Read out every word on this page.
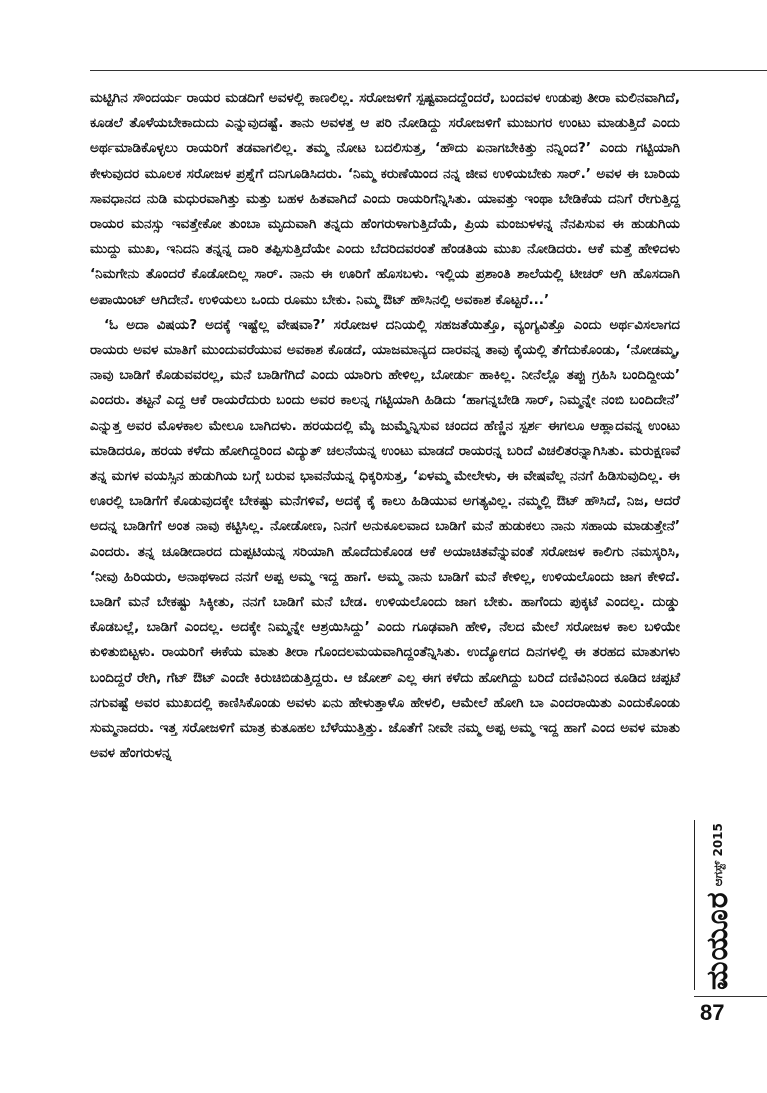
ಮಟ್ಟಿಗಿನ ಸೌಂದರ್ಯ ರಾಯರ ಮಡದಿಗೆ ಅವಳಲ್ಲಿ ಕಾಣಲಿಲ್ಲ. ಸರೋಜಳಿಗೆ ಸ್ಪಷ್ಟವಾದದ್ದೆಂದರೆ, ಬಂದವಳ ಉಡುಪು ತೀರಾ ಮಲಿನವಾಗಿದೆ, ಕೂಡಲೆ ತೊಳೆಯಬೇಕಾದುದು ಎನ್ನುವುದಷ್ಟೆ. ತಾನು ಅವಳತ್ತ ಆ ಪರಿ ನೋಡಿದ್ದು ಸರೋಜಳಿಗೆ ಮುಜುಗರ ಉಂಟು ಮಾಡುತ್ತಿದೆ ಎಂದು ಅರ್ಥಮಾಡಿಕೊಳ್ಳಲು ರಾಯರಿಗೆ ತಡವಾಗಲಿಲ್ಲ. ತಮ್ಮ ನೋಟ ಬದಲಿಸುತ್ತ, ‘ಹೌದು ಏನಾಗಬೇಕಿತ್ತು ನನ್ನಿಂದ?’ ಎಂದು ಗಟ್ಟಿಯಾಗಿ ಕೇಳುವುದರ ಮೂಲಕ ಸರೋಜಳ ಪ್ರಶ್ನೆಗೆ ದನಿಗೂಡಿಸಿದರು. ‘ನಿಮ್ಮ ಕರುಣೆಯಿಂದ ನನ್ನ ಜೀವ ಉಳಿಯಬೇಕು ಸಾರ್.’ ಅವಳ ಈ ಬಾರಿಯ ಸಾವಧಾನದ ನುಡಿ ಮಧುರವಾಗಿತ್ತು ಮತ್ತು ಬಹಳ ಹಿತವಾಗಿದೆ ಎಂದು ರಾಯರಿಗೆನ್ನಿಸಿತು. ಯಾವತ್ತು ಇಂಥಾ ಬೇಡಿಕೆಯ ದನಿಗೆ ರೇಗುತ್ತಿದ್ದ ರಾಯರ ಮನಸ್ಸು ಇವತ್ತೇಕೋ ತುಂಬಾ ಮೃದುವಾಗಿ ತನ್ನದು ಹೆಂಗರುಳಾಗುತ್ತಿದೆಯೆ, ಪ್ರಿಯ ಮಂಜುಳಳನ್ನ ನೆನಪಿಸುವ ಈ ಹುಡುಗಿಯ ಮುದ್ದು ಮುಖ, ಇನಿದನಿ ತನ್ನನ್ನ ದಾರಿ ತಪ್ಪಿಸುತ್ತಿದೆಯೇ ಎಂದು ಬೆದರಿದವರಂತೆ ಹೆಂಡತಿಯ ಮುಖ ನೋಡಿದರು. ಆಕೆ ಮತ್ತೆ ಹೇಳಿದಳು ‘ನಿಮಗೇನು ತೊಂದರೆ ಕೊಡೋದಿಲ್ಲ ಸಾರ್. ನಾನು ಈ ಊರಿಗೆ ಹೊಸಬಳು. ಇಲ್ಲಿಯ ಪ್ರಶಾಂತಿ ಶಾಲೆಯಲ್ಲಿ ಟೀಚರ್ ಆಗಿ ಹೊಸದಾಗಿ ಅಪಾಯಿಂಟ್ ಆಗಿದೇನೆ. ಉಳಿಯಲು ಒಂದು ರೂಮು ಬೇಕು. ನಿಮ್ಮ ಔಟ್ ಹೌಸಿನಲ್ಲಿ ಅವಕಾಶ ಕೊಟ್ಟರೆ...’

‘ಓ ಅದಾ ವಿಷಯ? ಅದಕ್ಕೆ ಇಷ್ಟೆಲ್ಲ ವೇಷವಾ?’ ಸರೋಜಳ ದನಿಯಲ್ಲಿ ಸಹಜತೆಯಿತ್ತೊ, ವ್ಯಂಗ್ಯವಿತ್ತೊ ಎಂದು ಅರ್ಥವಿಸಲಾಗದ ರಾಯರು ಅವಳ ಮಾತಿಗೆ ಮುಂದುವರೆಯುವ ಅವಕಾಶ ಕೊಡದೆ, ಯಾಜಮಾನ್ಯದ ದಾರವನ್ನ ತಾವು ಕೈಯಲ್ಲಿ ತೆಗೆದುಕೊಂಡು, ‘ನೋಡಮ್ಮ, ನಾವು ಬಾಡಿಗೆ ಕೊಡುವವರಲ್ಲ, ಮನೆ ಬಾಡಿಗೆಗಿದೆ ಎಂದು ಯಾರಿಗು ಹೇಳಿಲ್ಲ, ಬೋರ್ಡು ಹಾಕಿಲ್ಲ. ನೀನೆಲ್ಲೊ ತಪ್ಪು ಗ್ರಹಿಸಿ ಬಂದಿದ್ದೀಯ’ ಎಂದರು. ತಟ್ಟನೆ ಎದ್ದ ಆಕೆ ರಾಯರೆದುರು ಬಂದು ಅವರ ಕಾಲನ್ನ ಗಟ್ಟಿಯಾಗಿ ಹಿಡಿದು ‘ಹಾಗನ್ನಬೇಡಿ ಸಾರ್, ನಿಮ್ಮನ್ನೇ ನಂಬಿ ಬಂದಿದೇನೆ’ ಎನ್ನುತ್ತ ಅವರ ಮೊಳಕಾಲ ಮೇಲೂ ಬಾಗಿದಳು. ಹರಯದಲ್ಲಿ ಮೈ ಜುಮ್ಮೆನ್ನಿಸುವ ಚಂದದ ಹೆಣ್ಣಿನ ಸ್ಪರ್ಶ ಈಗಲೂ ಆಹ್ಲಾದವನ್ನ ಉಂಟು ಮಾಡಿದರೂ, ಹರಯ ಕಳೆದು ಹೋಗಿದ್ದರಿಂದ ವಿದ್ಯುತ್ ಚಲನೆಯನ್ನ ಉಂಟು ಮಾಡದೆ ರಾಯರನ್ನ ಬರಿದೆ ವಿಚಲಿತರನ್ನಾಗಿಸಿತು. ಮರುಕ್ಷಣವೆ ತನ್ನ ಮಗಳ ವಯಸ್ಸಿನ ಹುಡುಗಿಯ ಬಗ್ಗೆ ಬರುವ ಭಾವನೆಯನ್ನ ಧಿಕ್ಕರಿಸುತ್ತ, ‘ಏಳಮ್ಮ ಮೇಲೇಳು, ಈ ವೇಷವೆಲ್ಲ ನನಗೆ ಹಿಡಿಸುವುದಿಲ್ಲ. ಈ ಊರಲ್ಲಿ ಬಾಡಿಗೆಗೆ ಕೊಡುವುದಕ್ಕೇ ಬೇಕಷ್ಟು ಮನೆಗಳಿವೆ, ಅದಕ್ಕೆ ಕೈ ಕಾಲು ಹಿಡಿಯುವ ಅಗತ್ಯವಿಲ್ಲ. ನಮ್ಮಲ್ಲಿ ಔಟ್ ಹೌಸಿದೆ, ನಿಜ, ಆದರೆ ಅದನ್ನ ಬಾಡಿಗೆಗೆ ಅಂತ ನಾವು ಕಟ್ಟಿಸಿಲ್ಲ. ನೋಡೋಣ, ನಿನಗೆ ಅನುಕೂಲವಾದ ಬಾಡಿಗೆ ಮನೆ ಹುಡುಕಲು ನಾನು ಸಹಾಯ ಮಾಡುತ್ತೇನೆ’ ಎಂದರು. ತನ್ನ ಚೂಡೀದಾರದ ದುಪ್ಪಟಿಯನ್ನ ಸರಿಯಾಗಿ ಹೊದೆದುಕೊಂಡ ಆಕೆ ಅಯಾಚಿತವೆನ್ನುವಂತೆ ಸರೋಜಳ ಕಾಲಿಗು ನಮಸ್ಕರಿಸಿ, ‘ನೀವು ಹಿರಿಯರು, ಅನಾಥಳಾದ ನನಗೆ ಅಪ್ಪ ಅಮ್ಮ ಇದ್ದ ಹಾಗೆ. ಅಮ್ಮ ನಾನು ಬಾಡಿಗೆ ಮನೆ ಕೇಳಿಲ್ಲ, ಉಳಿಯಲೊಂದು ಜಾಗ ಕೇಳಿದೆ. ಬಾಡಿಗೆ ಮನೆ ಬೇಕಷ್ಟು ಸಿಕ್ಕೀತು, ನನಗೆ ಬಾಡಿಗೆ ಮನೆ ಬೇಡ. ಉಳಿಯಲೊಂದು ಜಾಗ ಬೇಕು. ಹಾಗೆಂದು ಪುಕ್ಕಟೆ ಎಂದಲ್ಲ. ದುಡ್ಡು ಕೊಡಬಲ್ಲೆ, ಬಾಡಿಗೆ ಎಂದಲ್ಲ. ಅದಕ್ಕೇ ನಿಮ್ಮನ್ನೇ ಆಶ್ರಯಿಸಿದ್ದು’ ಎಂದು ಗೂಢವಾಗಿ ಹೇಳಿ, ನೆಲದ ಮೇಲೆ ಸರೋಜಳ ಕಾಲ ಬಳಿಯೇ ಕುಳಿತುಬಿಟ್ಟಳು. ರಾಯರಿಗೆ ಈಕೆಯ ಮಾತು ತೀರಾ ಗೊಂದಲಮಯವಾಗಿದ್ದಂತೆನ್ನಿಸಿತು. ಉದ್ಯೋಗದ ದಿನಗಳಲ್ಲಿ ಈ ತರಹದ ಮಾತುಗಳು ಬಂದಿದ್ದರೆ ರೇಗಿ, ಗೆಟ್ ಔಟ್ ಎಂದೇ ಕಿರುಚಿಬಿಡುತ್ತಿದ್ದರು. ಆ ಜೋಶ್ ಎಲ್ಲ ಈಗ ಕಳೆದು ಹೋಗಿದ್ದು ಬರಿದೆ ದಣಿವಿನಿಂದ ಕೂಡಿದ ಚಪ್ಪಟೆ ನಗುವಷ್ಟೆ ಅವರ ಮುಖದಲ್ಲಿ ಕಾಣಿಸಿಕೊಂಡು ಅವಳು ಏನು ಹೇಳುತ್ತಾಳೊ ಹೇಳಲಿ, ಆಮೇಲೆ ಹೋಗಿ ಬಾ ಎಂದರಾಯಿತು ಎಂದುಕೊಂಡು ಸುಮ್ಮನಾದರು. ಇತ್ತ ಸರೋಜಳಿಗೆ ಮಾತ್ರ ಕುತೂಹಲ ಬೆಳೆಯುತ್ತಿತ್ತು. ಜೊತೆಗೆ ನೀವೇ ನಮ್ಮ ಅಪ್ಪ ಅಮ್ಮ ಇದ್ದ ಹಾಗೆ ಎಂದ ಅವಳ ಮಾತು ಅವಳ ಹೆಂಗರುಳನ್ನ

ಮಯೂರ ಆಗಸ್ಟ್ 2015
87
